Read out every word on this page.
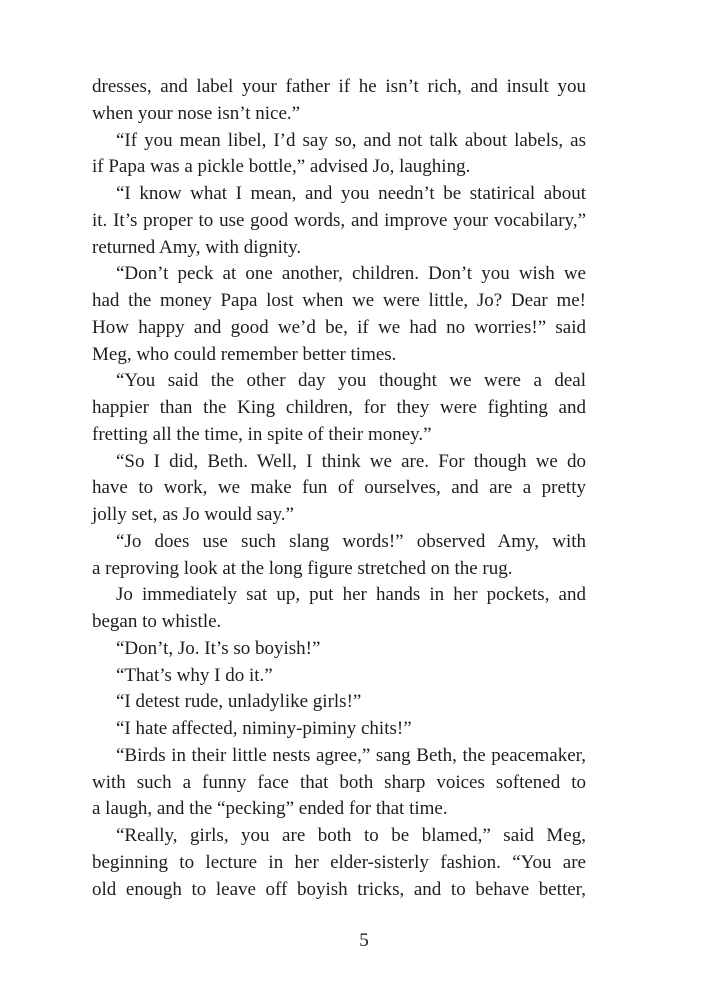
dresses, and label your father if he isn’t rich, and insult you
when your nose isn’t nice.”
“If you mean libel, I’d say so, and not talk about labels, as
if Papa was a pickle bottle,” advised Jo, laughing.
“I know what I mean, and you needn’t be statirical about
it. It’s proper to use good words, and improve your vocabilary,”
returned Amy, with dignity.
“Don’t peck at one another, children. Don’t you wish we
had the money Papa lost when we were little, Jo? Dear me!
How happy and good we’d be, if we had no worries!” said
Meg, who could remember better times.
“You said the other day you thought we were a deal
happier than the King children, for they were fighting and
fretting all the time, in spite of their money.”
“So I did, Beth. Well, I think we are. For though we do
have to work, we make fun of ourselves, and are a pretty
jolly set, as Jo would say.”
“Jo does use such slang words!” observed Amy, with
a reproving look at the long figure stretched on the rug.
Jo immediately sat up, put her hands in her pockets, and
began to whistle.
“Don’t, Jo. It’s so boyish!”
“That’s why I do it.”
“I detest rude, unladylike girls!”
“I hate affected, niminy-piminy chits!”
“Birds in their little nests agree,” sang Beth, the peacemaker,
with such a funny face that both sharp voices softened to
a laugh, and the “pecking” ended for that time.
“Really, girls, you are both to be blamed,” said Meg,
beginning to lecture in her elder-sisterly fashion. “You are
old enough to leave off boyish tricks, and to behave better,
5
